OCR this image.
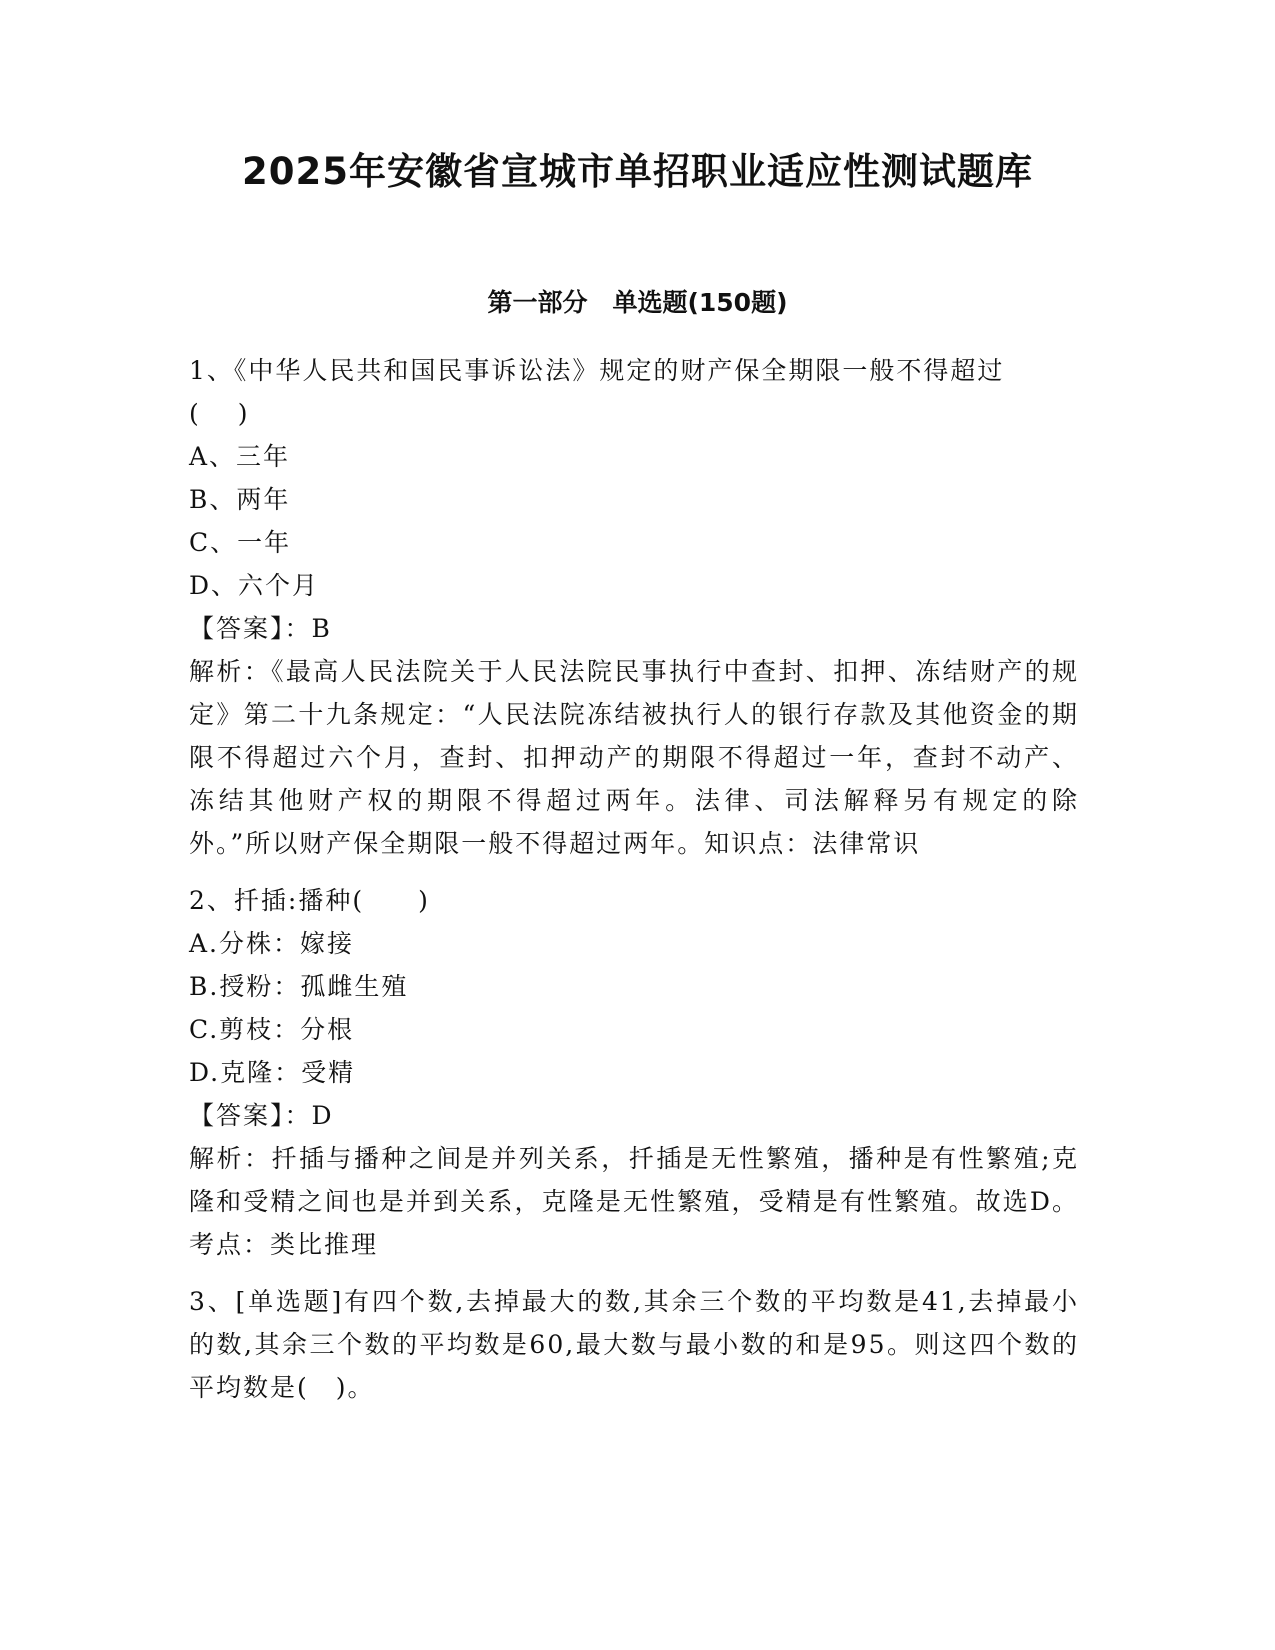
2025年安徽省宣城市单招职业适应性测试题库
第一部分　单选题(150题)
1、《中华人民共和国民事诉讼法》规定的财产保全期限一般不得超过
(　 )
A、三年
B、两年
C、一年
D、六个月
【答案】：B
解析：《最高人民法院关于人民法院民事执行中查封、扣押、冻结财产的规定》第二十九条规定：“人民法院冻结被执行人的银行存款及其他资金的期限不得超过六个月，查封、扣押动产的期限不得超过一年，查封不动产、冻结其他财产权的期限不得超过两年。法律、司法解释另有规定的除外。”所以财产保全期限一般不得超过两年。知识点：法律常识
2、扦插:播种(　　)
A.分株：嫁接
B.授粉：孤雌生殖
C.剪枝：分根
D.克隆：受精
【答案】：D
解析：扦插与播种之间是并列关系，扦插是无性繁殖，播种是有性繁殖;克隆和受精之间也是并到关系，克隆是无性繁殖，受精是有性繁殖。故选D。考点：类比推理
3、[单选题]有四个数,去掉最大的数,其余三个数的平均数是41,去掉最小的数,其余三个数的平均数是60,最大数与最小数的和是95。则这四个数的平均数是(　)。
